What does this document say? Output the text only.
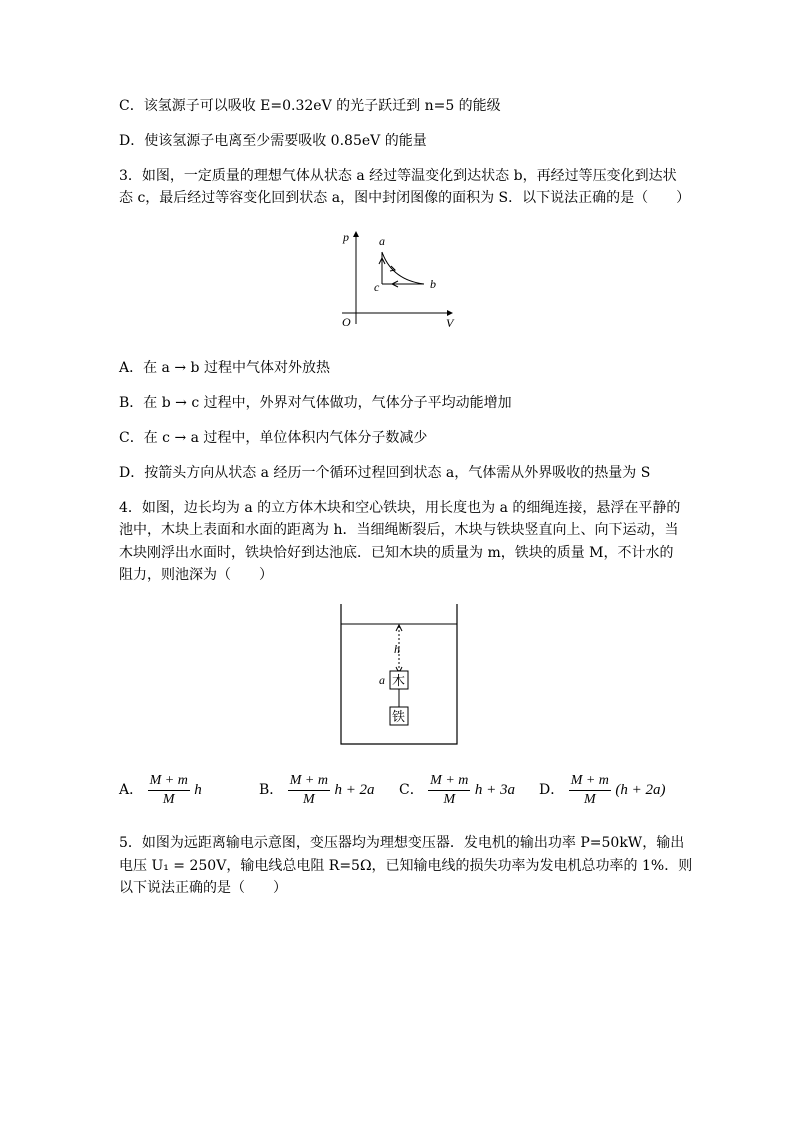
C．该氢源子可以吸收 E=0.32eV 的光子跃迁到 n=5 的能级
D．使该氢源子电离至少需要吸收 0.85eV 的能量
3．如图，一定质量的理想气体从状态 a 经过等温变化到达状态 b，再经过等压变化到达状
态 c，最后经过等容变化回到状态 a，图中封闭图像的面积为 S．以下说法正确的是（　　）
p
V
O
a
b
c
A．在 a → b 过程中气体对外放热
B．在 b → c 过程中，外界对气体做功，气体分子平均动能增加
C．在 c → a 过程中，单位体积内气体分子数减少
D．按箭头方向从状态 a 经历一个循环过程回到状态 a，气体需从外界吸收的热量为 S
4．如图，边长均为 a 的立方体木块和空心铁块，用长度也为 a 的细绳连接，悬浮在平静的
池中，木块上表面和水面的距离为 h．当细绳断裂后，木块与铁块竖直向上、向下运动，当
木块刚浮出水面时，铁块恰好到达池底．已知木块的质量为 m，铁块的质量 M，不计水的
阻力，则池深为（　　）
h
木
a
铁
A． $\frac{M + m}{M}$ h	B． $\frac{M + m}{M}$ h + 2a C． $\frac{M + m}{M}$ h + 3a D． $\frac{M + m}{M} (h + 2a)$
5．如图为远距离输电示意图，变压器均为理想变压器．发电机的输出功率 P=50kW，输出
电压 U₁ = 250V，输电线总电阻 R=5Ω，已知输电线的损失功率为发电机总功率的 1%．则
以下说法正确的是（　　）
